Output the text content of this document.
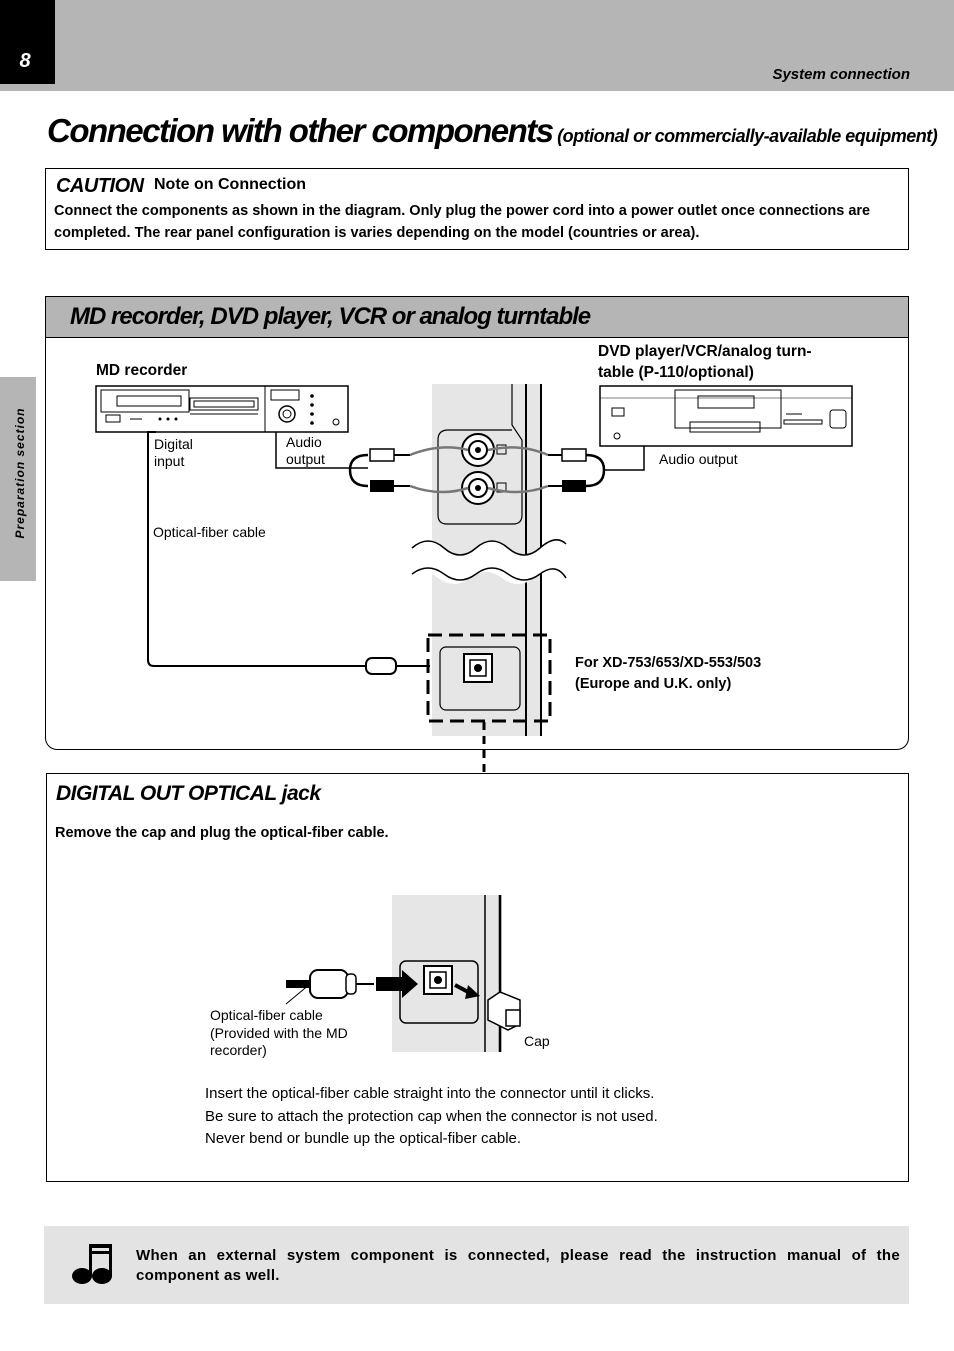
8
System connection
Preparation section
Connection with other components (optional or commercially-available equipment)
CAUTION Note on Connection
Connect the components as shown in the diagram. Only plug the power cord into a power outlet once connections are completed. The rear panel configuration is varies depending on the model (countries or area).
MD recorder, DVD player, VCR or analog turntable
MD recorder
DVD player/VCR/analog turn-
table (P-110/optional)
Digital
input
Audio
output	Audio output
Optical-fiber cable
For XD-753/653/XD-553/503
(Europe and U.K. only)
DIGITAL OUT OPTICAL jack
Remove the cap and plug the optical-fiber cable.
Optical-fiber cable
(Provided with the MD
recorder)
Cap
Insert the optical-fiber cable straight into the connector until it clicks.
Be sure to attach the protection cap when the connector is not used.
Never bend or bundle up the optical-fiber cable.
When an external system component is connected, please read the instruction manual of the component as well.
